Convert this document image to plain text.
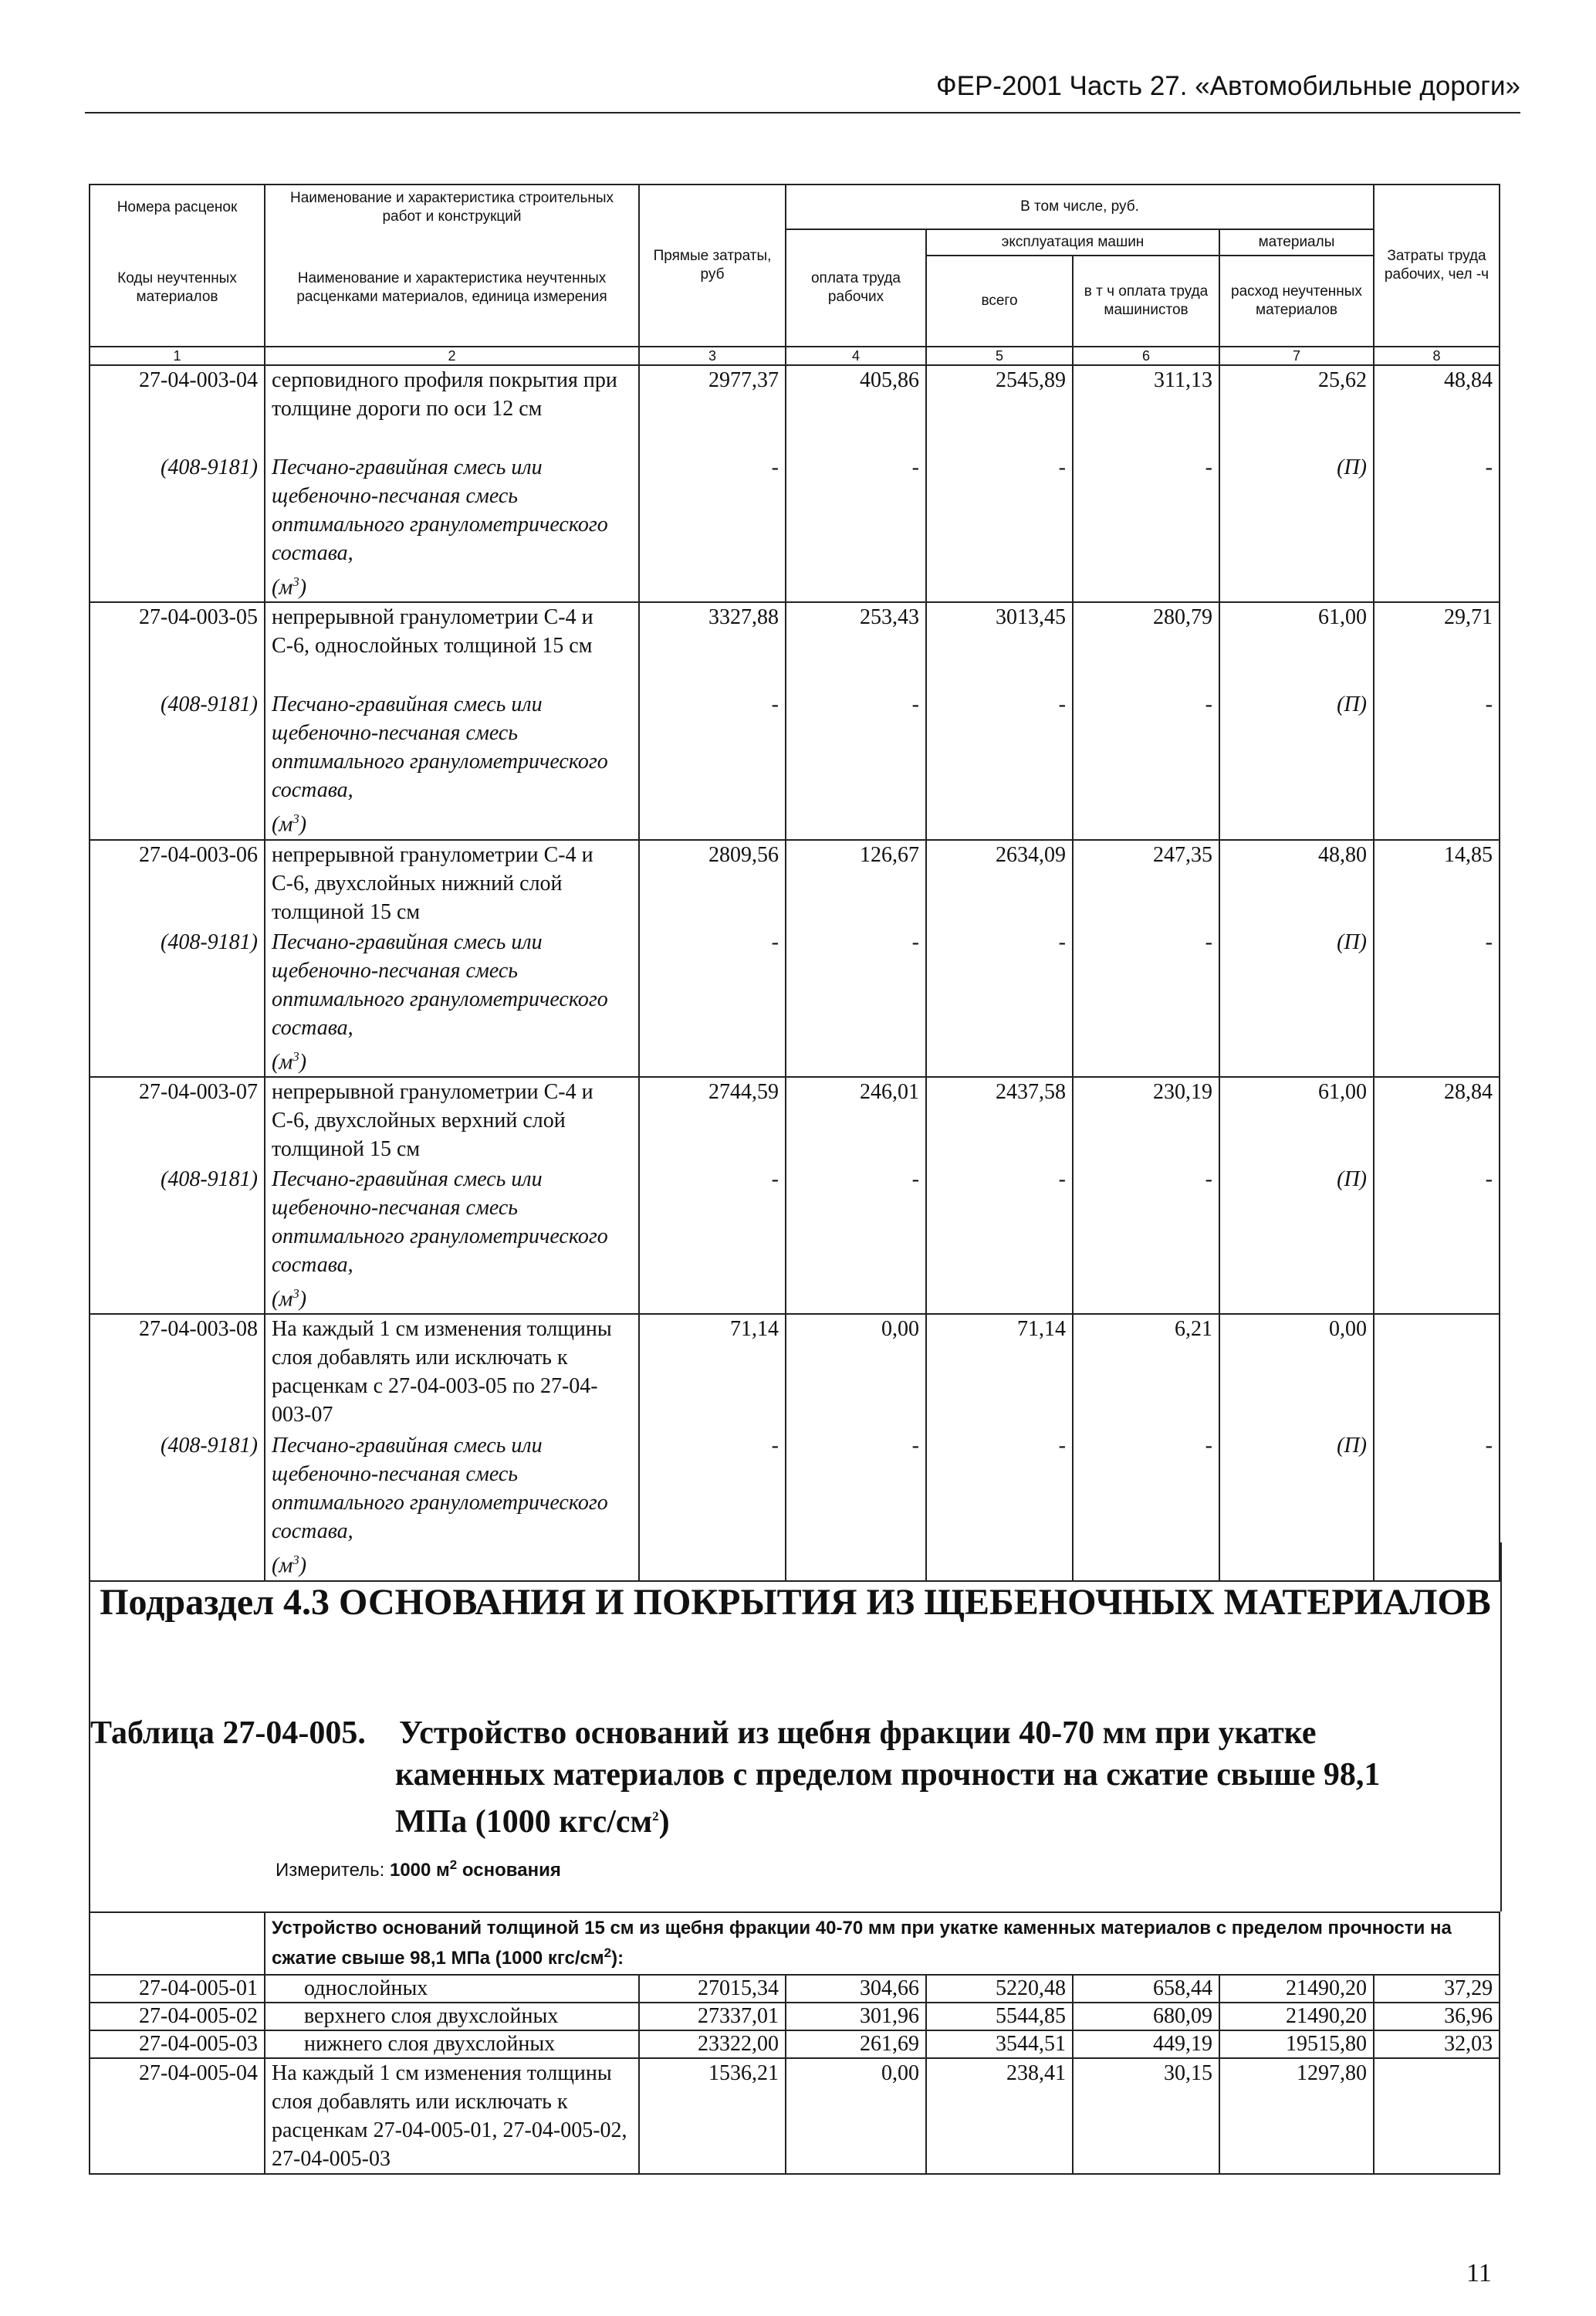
ФЕР-2001 Часть 27. «Автомобильные дороги»
Номера расценок	Наименование и характеристика строительных работ и конструкций	Прямые затраты, руб	В том числе, руб.				Затраты труда рабочих, чел -ч
Коды неучтенных материалов	Наименование и характеристика неучтенных расценками материалов, единица измерения		оплата труда рабочих	эксплуатация машин		материалы	
				всего	в т ч оплата труда машинистов	расход неучтенных материалов	
1	2	3	4	5	6	7	8
27-04-003-04	серповидного профиля покрытия при толщине дороги по оси 12 см	2977,37	405,86	2545,89	311,13	25,62	48,84
(408-9181)	Песчано-гравийная смесь или щебеночно-песчаная смесь оптимального гранулометрического состава,
$(м^3)$	-	-	-	-	(П)	-
27-04-003-05	непрерывной гранулометрии С-4 и С-6, однослойных толщиной 15 см	3327,88	253,43	3013,45	280,79	61,00	29,71
(408-9181)	Песчано-гравийная смесь или щебеночно-песчаная смесь оптимального гранулометрического состава,
$(м^3)$	-	-	-	-	(П)	-
27-04-003-06	непрерывной гранулометрии С-4 и С-6, двухслойных нижний слой толщиной 15 см	2809,56	126,67	2634,09	247,35	48,80	14,85
(408-9181)	Песчано-гравийная смесь или щебеночно-песчаная смесь оптимального гранулометрического состава,
$(м^3)$	-	-	-	-	(П)	-
27-04-003-07	непрерывной гранулометрии С-4 и С-6, двухслойных верхний слой толщиной 15 см	2744,59	246,01	2437,58	230,19	61,00	28,84
(408-9181)	Песчано-гравийная смесь или щебеночно-песчаная смесь оптимального гранулометрического состава,
$(м^3)$	-	-	-	-	(П)	-
27-04-003-08	На каждый 1 см изменения толщины слоя добавлять или исключать к расценкам с 27-04-003-05 по 27-04-003-07	71,14	0,00	71,14	6,21	0,00	
(408-9181)	Песчано-гравийная смесь или щебеночно-песчаная смесь оптимального гранулометрического состава,
$(м^3)$	-	-	-	-	(П)	-
Подраздел 4.3 ОСНОВАНИЯ И ПОКРЫТИЯ ИЗ ЩЕБЕНОЧНЫХ МАТЕРИАЛОВ
Таблица 27-04-005. Устройство оснований из щебня фракции 40-70 мм при укатке
каменных материалов с пределом прочности на сжатие свыше 98,1
МПа (1000 кгс/$см^2$)
Измеритель: 1000 $м^2$ основания
	Устройство оснований толщиной 15 см из щебня фракции 40-70 мм при укатке каменных материалов с пределом прочности на сжатие свыше 98,1 МПа (1000 кгс/$см^2$):						
27-04-005-01	однослойных	27015,34	304,66	5220,48	658,44	21490,20	37,29
27-04-005-02	верхнего слоя двухслойных	27337,01	301,96	5544,85	680,09	21490,20	36,96
27-04-005-03	нижнего слоя двухслойных	23322,00	261,69	3544,51	449,19	19515,80	32,03
27-04-005-04	На каждый 1 см изменения толщины слоя добавлять или исключать к расценкам 27-04-005-01, 27-04-005-02, 27-04-005-03	1536,21	0,00	238,41	30,15	1297,80	
11
